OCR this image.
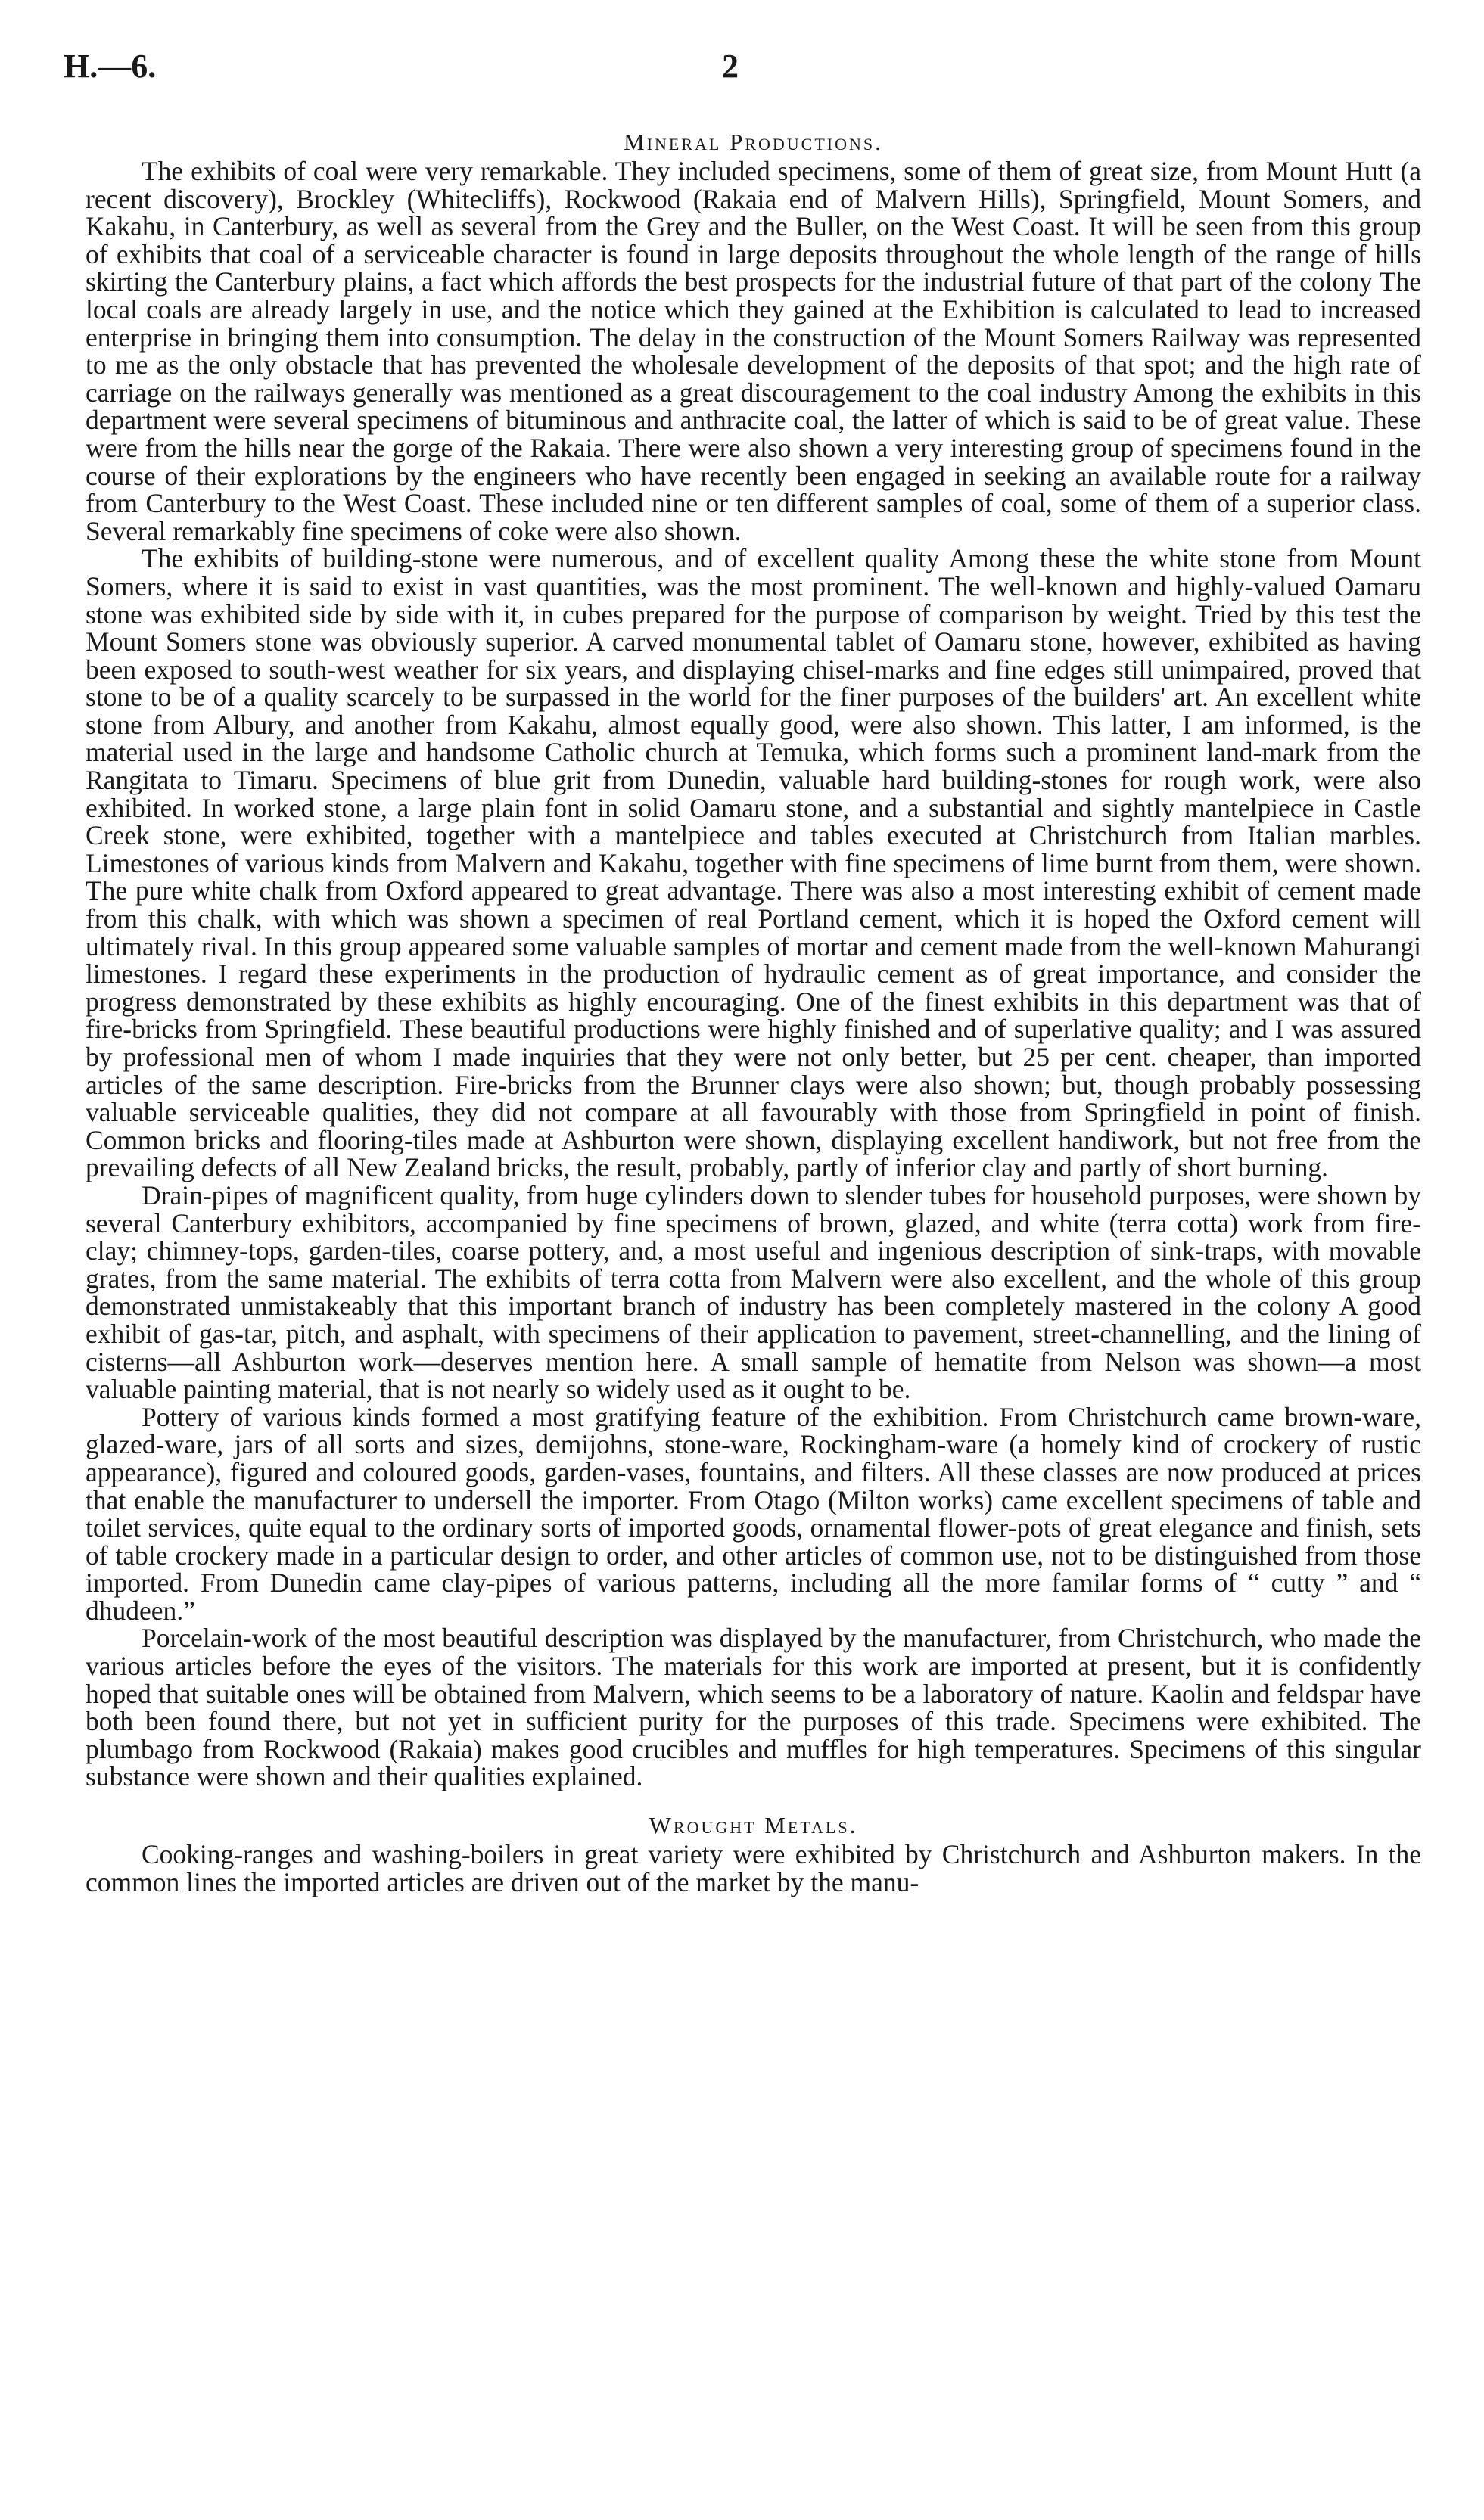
H.—6.	2
Mineral Productions.

The exhibits of coal were very remarkable. They included specimens, some of them of great size, from Mount Hutt (a recent discovery), Brockley (Whitecliffs), Rockwood (Rakaia end of Malvern Hills), Springfield, Mount Somers, and Kakahu, in Canterbury, as well as several from the Grey and the Buller, on the West Coast. It will be seen from this group of exhibits that coal of a serviceable character is found in large deposits throughout the whole length of the range of hills skirting the Canterbury plains, a fact which affords the best prospects for the industrial future of that part of the colony The local coals are already largely in use, and the notice which they gained at the Exhibition is calculated to lead to increased enterprise in bringing them into consumption. The delay in the construction of the Mount Somers Railway was represented to me as the only obstacle that has prevented the wholesale development of the deposits of that spot; and the high rate of carriage on the railways generally was mentioned as a great discouragement to the coal industry Among the exhibits in this department were several specimens of bituminous and anthracite coal, the latter of which is said to be of great value. These were from the hills near the gorge of the Rakaia. There were also shown a very interesting group of specimens found in the course of their explorations by the engineers who have recently been engaged in seeking an available route for a railway from Canterbury to the West Coast. These included nine or ten different samples of coal, some of them of a superior class. Several remarkably fine specimens of coke were also shown.

The exhibits of building-stone were numerous, and of excellent quality Among these the white stone from Mount Somers, where it is said to exist in vast quantities, was the most prominent. The well-known and highly-valued Oamaru stone was exhibited side by side with it, in cubes prepared for the purpose of comparison by weight. Tried by this test the Mount Somers stone was obviously superior. A carved monumental tablet of Oamaru stone, however, exhibited as having been exposed to south-west weather for six years, and displaying chisel-marks and fine edges still unimpaired, proved that stone to be of a quality scarcely to be surpassed in the world for the finer purposes of the builders' art. An excellent white stone from Albury, and another from Kakahu, almost equally good, were also shown. This latter, I am informed, is the material used in the large and handsome Catholic church at Temuka, which forms such a prominent land-mark from the Rangitata to Timaru. Specimens of blue grit from Dunedin, valuable hard building-stones for rough work, were also exhibited. In worked stone, a large plain font in solid Oamaru stone, and a substantial and sightly mantelpiece in Castle Creek stone, were exhibited, together with a mantelpiece and tables executed at Christchurch from Italian marbles. Limestones of various kinds from Malvern and Kakahu, together with fine specimens of lime burnt from them, were shown. The pure white chalk from Oxford appeared to great advantage. There was also a most interesting exhibit of cement made from this chalk, with which was shown a specimen of real Portland cement, which it is hoped the Oxford cement will ultimately rival. In this group appeared some valuable samples of mortar and cement made from the well-known Mahurangi limestones. I regard these experiments in the production of hydraulic cement as of great importance, and consider the progress demonstrated by these exhibits as highly encouraging. One of the finest exhibits in this department was that of fire-bricks from Springfield. These beautiful productions were highly finished and of superlative quality; and I was assured by professional men of whom I made inquiries that they were not only better, but 25 per cent. cheaper, than imported articles of the same description. Fire-bricks from the Brunner clays were also shown; but, though probably possessing valuable serviceable qualities, they did not compare at all favourably with those from Springfield in point of finish. Common bricks and flooring-tiles made at Ashburton were shown, displaying excellent handiwork, but not free from the prevailing defects of all New Zealand bricks, the result, probably, partly of inferior clay and partly of short burning.

Drain-pipes of magnificent quality, from huge cylinders down to slender tubes for household purposes, were shown by several Canterbury exhibitors, accompanied by fine specimens of brown, glazed, and white (terra cotta) work from fire-clay; chimney-tops, garden-tiles, coarse pottery, and, a most useful and ingenious description of sink-traps, with movable grates, from the same material. The exhibits of terra cotta from Malvern were also excellent, and the whole of this group demonstrated unmistakeably that this important branch of industry has been completely mastered in the colony A good exhibit of gas-tar, pitch, and asphalt, with specimens of their application to pavement, street-channelling, and the lining of cisterns—all Ashburton work—deserves mention here. A small sample of hematite from Nelson was shown—a most valuable painting material, that is not nearly so widely used as it ought to be.

Pottery of various kinds formed a most gratifying feature of the exhibition. From Christchurch came brown-ware, glazed-ware, jars of all sorts and sizes, demijohns, stone-ware, Rockingham-ware (a homely kind of crockery of rustic appearance), figured and coloured goods, garden-vases, fountains, and filters. All these classes are now produced at prices that enable the manufacturer to undersell the importer. From Otago (Milton works) came excellent specimens of table and toilet services, quite equal to the ordinary sorts of imported goods, ornamental flower-pots of great elegance and finish, sets of table crockery made in a particular design to order, and other articles of common use, not to be distinguished from those imported. From Dunedin came clay-pipes of various patterns, including all the more familar forms of “ cutty ” and “ dhudeen.”

Porcelain-work of the most beautiful description was displayed by the manufacturer, from Christchurch, who made the various articles before the eyes of the visitors. The materials for this work are imported at present, but it is confidently hoped that suitable ones will be obtained from Malvern, which seems to be a laboratory of nature. Kaolin and feldspar have both been found there, but not yet in sufficient purity for the purposes of this trade. Specimens were exhibited. The plumbago from Rockwood (Rakaia) makes good crucibles and muffles for high temperatures. Specimens of this singular substance were shown and their qualities explained.

Wrought Metals.

Cooking-ranges and washing-boilers in great variety were exhibited by Christchurch and Ashburton makers. In the common lines the imported articles are driven out of the market by the manu-
